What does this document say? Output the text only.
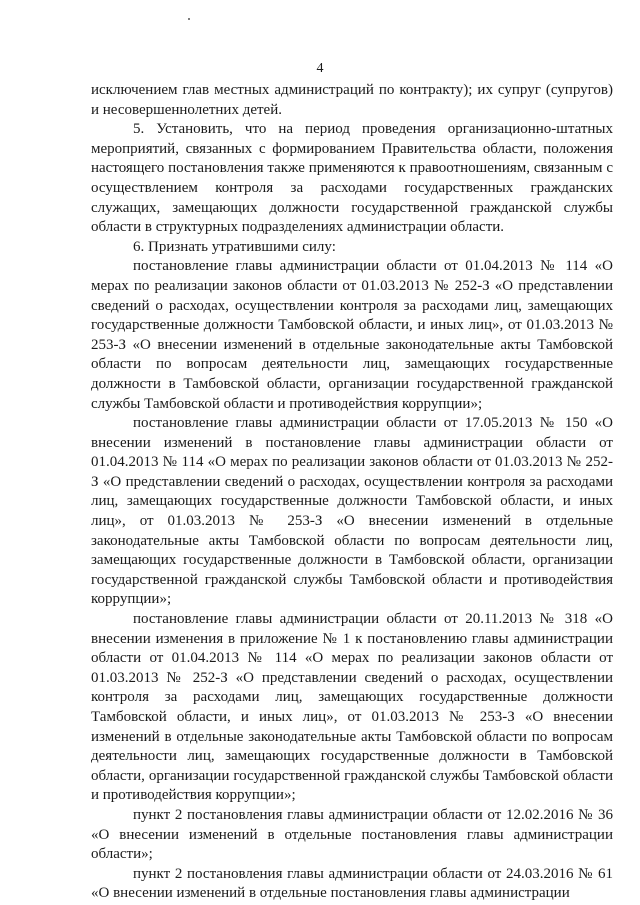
4

исключением глав местных администраций по контракту); их супруг (супругов) и несовершеннолетних детей.

5. Установить, что на период проведения организационно-штатных мероприятий, связанных с формированием Правительства области, положения настоящего постановления также применяются к правоотношениям, связанным с осуществлением контроля за расходами государственных гражданских служащих, замещающих должности государственной гражданской службы области в структурных подразделениях администрации области.

6. Признать утратившими силу:

постановление главы администрации области от 01.04.2013 № 114 «О мерах по реализации законов области от 01.03.2013 № 252-З «О представлении сведений о расходах, осуществлении контроля за расходами лиц, замещающих государственные должности Тамбовской области, и иных лиц», от 01.03.2013 № 253-З «О внесении изменений в отдельные законодательные акты Тамбовской области по вопросам деятельности лиц, замещающих государственные должности в Тамбовской области, организации государственной гражданской службы Тамбовской области и противодействия коррупции»;

постановление главы администрации области от 17.05.2013 № 150 «О внесении изменений в постановление главы администрации области от 01.04.2013 № 114 «О мерах по реализации законов области от 01.03.2013 № 252-З «О представлении сведений о расходах, осуществлении контроля за расходами лиц, замещающих государственные должности Тамбовской области, и иных лиц», от 01.03.2013 № 253-З «О внесении изменений в отдельные законодательные акты Тамбовской области по вопросам деятельности лиц, замещающих государственные должности в Тамбовской области, организации государственной гражданской службы Тамбовской области и противодействия коррупции»;

постановление главы администрации области от 20.11.2013 № 318 «О внесении изменения в приложение № 1 к постановлению главы администрации области от 01.04.2013 № 114 «О мерах по реализации законов области от 01.03.2013 № 252-З «О представлении сведений о расходах, осуществлении контроля за расходами лиц, замещающих государственные должности Тамбовской области, и иных лиц», от 01.03.2013 № 253-З «О внесении изменений в отдельные законодательные акты Тамбовской области по вопросам деятельности лиц, замещающих государственные должности в Тамбовской области, организации государственной гражданской службы Тамбовской области и противодействия коррупции»;

пункт 2 постановления главы администрации области от 12.02.2016 № 36 «О внесении изменений в отдельные постановления главы администрации области»;

пункт 2 постановления главы администрации области от 24.03.2016 № 61 «О внесении изменений в отдельные постановления главы администрации
